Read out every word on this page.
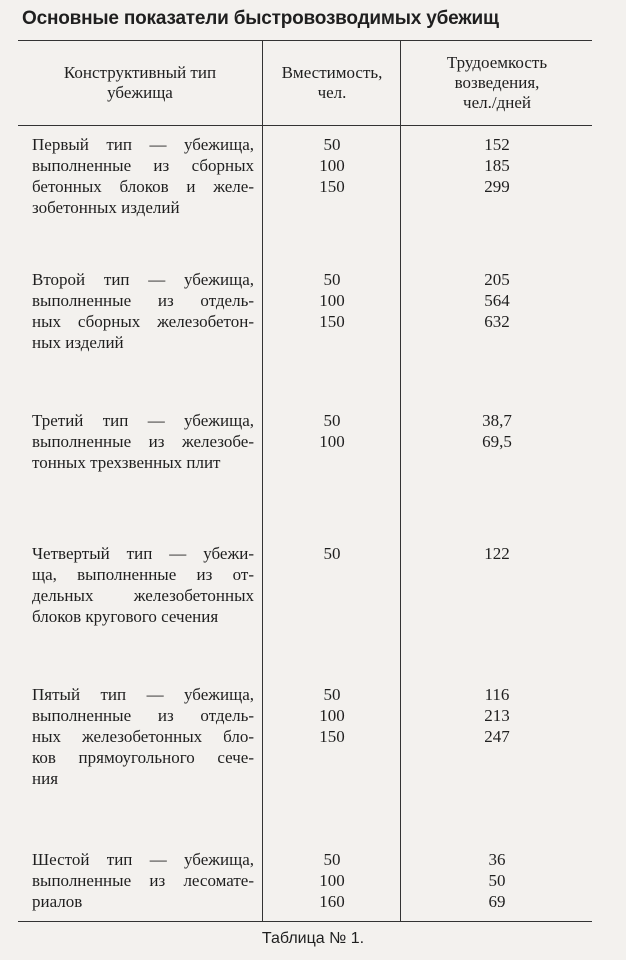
Основные показатели быстровозводимых убежищ
Конструктивный тип
убежища
Вместимость,
чел.
Трудоемкость
возведения,
чел./дней
Первый тип — убежища,
выполненные из сборных
бетонных блоков и желе-
зобетонных изделий
50
100
150
152
185
299
Второй тип — убежища,
выполненные из отдель-
ных сборных железобетон-
ных изделий
50
100
150
205
564
632
Третий тип — убежища,
выполненные из железобе-
тонных трехзвенных плит
50
100
38,7
69,5
Четвертый тип — убежи-
ща, выполненные из от-
дельных железобетонных
блоков кругового сечения
50	122
Пятый тип — убежища,
выполненные из отдель-
ных железобетонных бло-
ков прямоугольного сече-
ния
50
100
150
116
213
247
Шестой тип — убежища,
выполненные из лесомате-
риалов
50
100
160
36
50
69
Таблица № 1.
